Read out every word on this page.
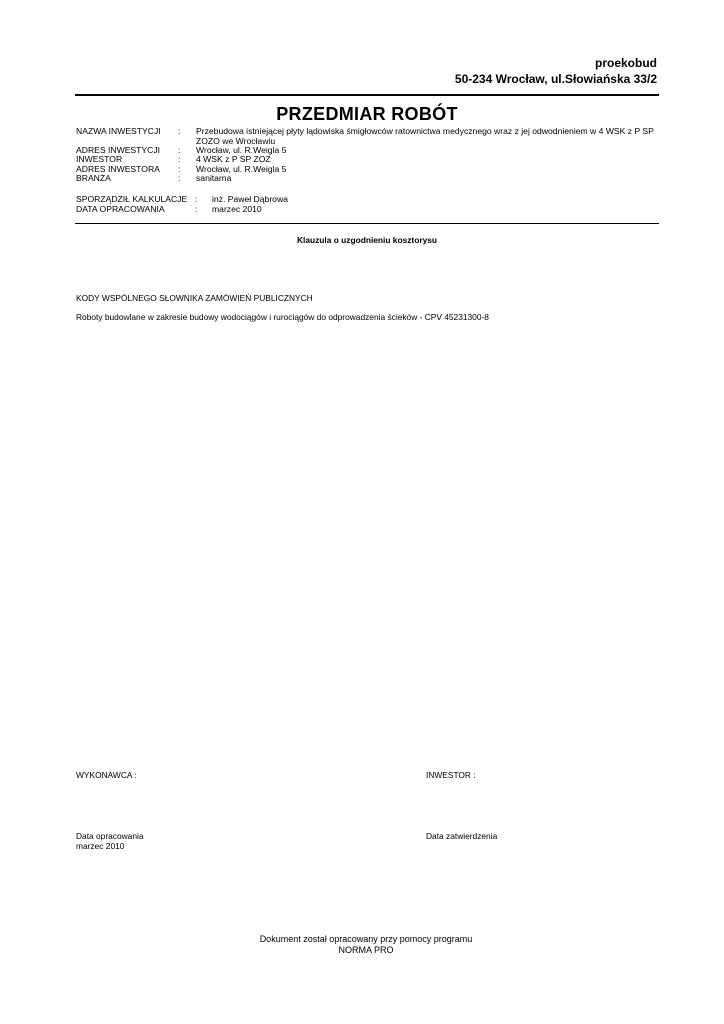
proekobud
50-234 Wrocław, ul.Słowiańska 33/2
PRZEDMIAR ROBÓT
NAZWA INWESTYCJI : Przebudowa istniejącej płyty lądowiska śmigłowców ratownictwa medycznego wraz z jej odwodnieniem w 4 WSK z P SP ZOZO we Wrocławiu
ADRES INWESTYCJI : Wrocław, ul. R.Weigla 5
INWESTOR	: 4 WSK z P SP ZOZ
ADRES INWESTORA : Wrocław, ul. R.Weigla 5
BRANŻA	: sanitarna
SPORZĄDZIŁ KALKULACJE : inż. Paweł Dąbrowa
DATA OPRACOWANIA	: marzec 2010
Klauzula o uzgodnieniu kosztorysu
KODY WSPÓLNEGO SŁOWNIKA ZAMÓWIEŃ PUBLICZNYCH
Roboty budowlane w zakresie budowy wodociągów i rurociągów do odprowadzenia ścieków - CPV 45231300-8
WYKONAWCA :	INWESTOR :
Data opracowania
marzec 2010
Data zatwierdzenia
Dokument został opracowany przy pomocy programu
NORMA PRO
